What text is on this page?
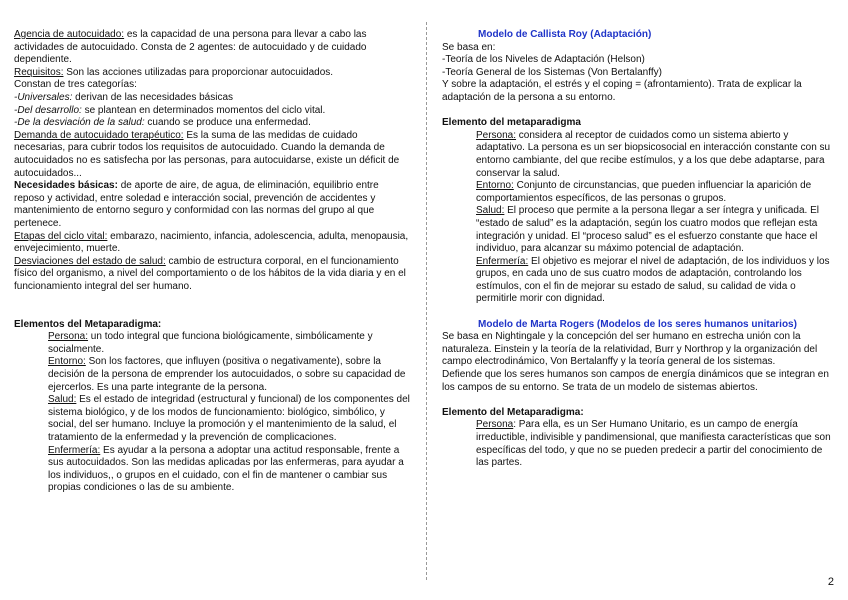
Agencia de autocuidado: es la capacidad de una persona para llevar a cabo las actividades de autocuidado. Consta de 2 agentes: de autocuidado y de cuidado dependiente.

Requisitos: Son las acciones utilizadas para proporcionar autocuidados.

Constan de tres categorías:

-Universales: derivan de las necesidades básicas

-Del desarrollo: se plantean en determinados momentos del ciclo vital.

-De la desviación de la salud: cuando se produce una enfermedad.

Demanda de autocuidado terapéutico: Es la suma de las medidas de cuidado necesarias, para cubrir todos los requisitos de autocuidado. Cuando la demanda de autocuidados no es satisfecha por las personas, para autocuidarse, existe un déficit de autocuidados...

Necesidades básicas: de aporte de aire, de agua, de eliminación, equilibrio entre reposo y actividad, entre soledad e interacción social, prevención de accidentes y mantenimiento de entorno seguro y conformidad con las normas del grupo al que pertenece.

Etapas del ciclo vital: embarazo, nacimiento, infancia, adolescencia, adulta, menopausia, envejecimiento, muerte.

Desviaciones del estado de salud: cambio de estructura corporal, en el funcionamiento físico del organismo, a nivel del comportamiento o de los hábitos de la vida diaria y en el funcionamiento integral del ser humano.

Elementos del Metaparadigma:

Persona: un todo integral que funciona biológicamente, simbólicamente y socialmente.

Entorno: Son los factores, que influyen (positiva o negativamente), sobre la decisión de la persona de emprender los autocuidados, o sobre su capacidad de ejercerlos. Es una parte integrante de la persona.

Salud: Es el estado de integridad (estructural y funcional) de los componentes del sistema biológico, y de los modos de funcionamiento: biológico, simbólico, y social, del ser humano. Incluye la promoción y el mantenimiento de la salud, el tratamiento de la enfermedad y la prevención de complicaciones.

Enfermería: Es ayudar a la persona a adoptar una actitud responsable, frente a sus autocuidados. Son las medidas aplicadas por las enfermeras, para ayudar a los individuos,, o grupos en el cuidado, con el fin de mantener o cambiar sus propias condiciones o las de su ambiente.

Modelo de Callista Roy (Adaptación)

Se basa en:

-Teoría de los Niveles de Adaptación (Helson)

-Teoría General de los Sistemas (Von Bertalanffy)

Y sobre la adaptación, el estrés y el coping = (afrontamiento). Trata de explicar la adaptación de la persona a su entorno.

Elemento del metaparadigma

Persona: considera al receptor de cuidados como un sistema abierto y adaptativo. La persona es un ser biopsicosocial en interacción constante con su entorno cambiante, del que recibe estímulos, y a los que debe adaptarse, para conservar la salud.

Entorno: Conjunto de circunstancias, que pueden influenciar la aparición de comportamientos específicos, de las personas o grupos.

Salud: El proceso que permite a la persona llegar a ser íntegra y unificada. El “estado de salud” es la adaptación, según los cuatro modos que reflejan esta integración y unidad. El “proceso salud” es el esfuerzo constante que hace el individuo, para alcanzar su máximo potencial de adaptación.

Enfermería: El objetivo es mejorar el nivel de adaptación, de los individuos y los grupos, en cada uno de sus cuatro modos de adaptación, controlando los estímulos, con el fin de mejorar su estado de salud, su calidad de vida o permitirle morir con dignidad.

Modelo de Marta Rogers (Modelos de los seres humanos unitarios)

Se basa en Nightingale y la concepción del ser humano en estrecha unión con la naturaleza. Einstein y la teoría de la relatividad, Burr y Northrop y la organización del campo electrodinámico, Von Bertalanffy y la teoría general de los sistemas.

Defiende que los seres humanos son campos de energía dinámicos que se integran en los campos de su entorno. Se trata de un modelo de sistemas abiertos.

Elemento del Metaparadigma:

Persona: Para ella, es un Ser Humano Unitario, es un campo de energía irreductible, indivisible y pandimensional, que manifiesta características que son específicas del todo, y que no se pueden predecir a partir del conocimiento de las partes.

2
